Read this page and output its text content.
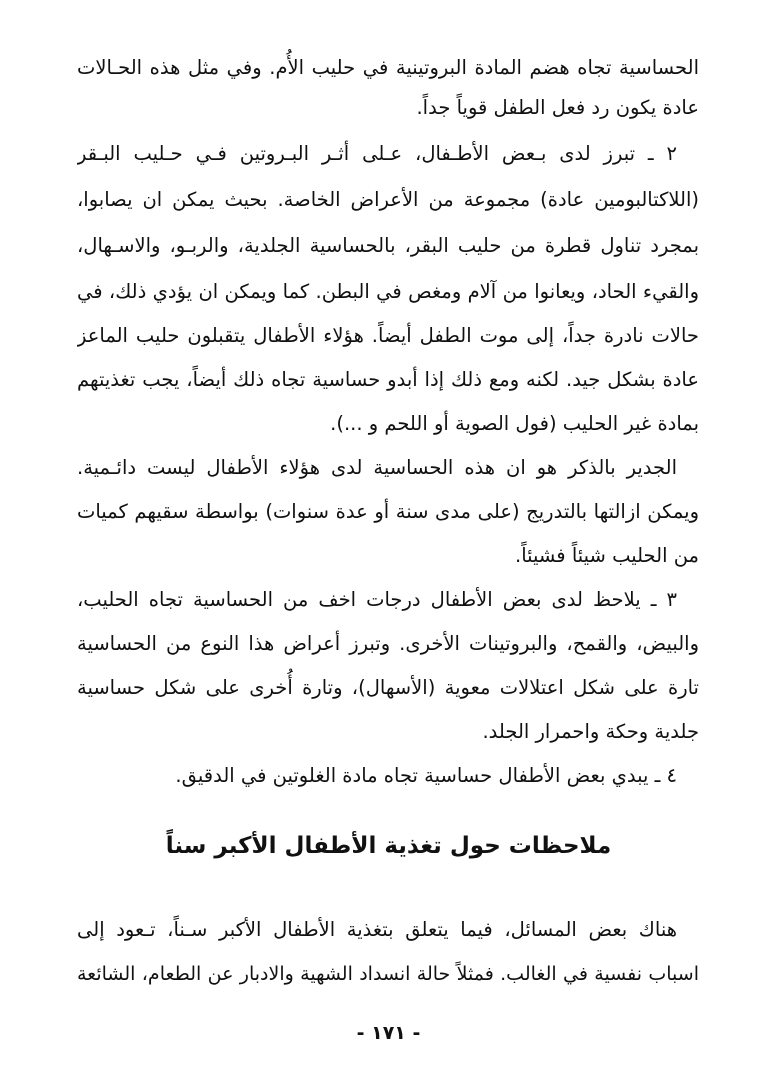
الحساسية تجاه هضم المادة البروتينية في حليب الأُم. وفي مثل هذه الحـالات
عادة يكون رد فعل الطفل قوياً جداً.
٢ ـ تبرز لدى بـعض الأطـفال، عـلى أثـر البـروتين فـي حـليب البـقر
(اللاكتالبومين عادة) مجموعة من الأعراض الخاصة. بحيث يمكن ان يصابوا،
بمجرد تناول قطرة من حليب البقر، بالحساسية الجلدية، والربـو، والاسـهال،
والقيء الحاد، ويعانوا من آلام ومغص في البطن. كما ويمكن ان يؤدي ذلك، في
حالات نادرة جداً، إلى موت الطفل أيضاً. هؤلاء الأطفال يتقبلون حليب الماعز
عادة بشكل جيد. لكنه ومع ذلك إذا أبدو حساسية تجاه ذلك أيضاً، يجب تغذيتهم
بمادة غير الحليب (فول الصوية أو اللحم و ...).
الجدير بالذكر هو ان هذه الحساسية لدى هؤلاء الأطفال ليست دائـمية.
ويمكن ازالتها بالتدريج (على مدى سنة أو عدة سنوات) بواسطة سقيهم كميات
من الحليب شيئاً فشيئاً.
٣ ـ يلاحظ لدى بعض الأطفال درجات اخف من الحساسية تجاه الحليب،
والبيض، والقمح، والبروتينات الأخرى. وتبرز أعراض هذا النوع من الحساسية
تارة على شكل اعتلالات معوية (الأسهال)، وتارة أُخرى على شكل حساسية
جلدية وحكة واحمرار الجلد.
٤ ـ يبدي بعض الأطفال حساسية تجاه مادة الغلوتين في الدقيق.
ملاحظات حول تغذية الأطفال الأكبر سناً
هناك بعض المسائل، فيما يتعلق بتغذية الأطفال الأكبر سـناً، تـعود إلى
اسباب نفسية في الغالب. فمثلاً حالة انسداد الشهية والادبار عن الطعام، الشائعة
- ١٧١ -
